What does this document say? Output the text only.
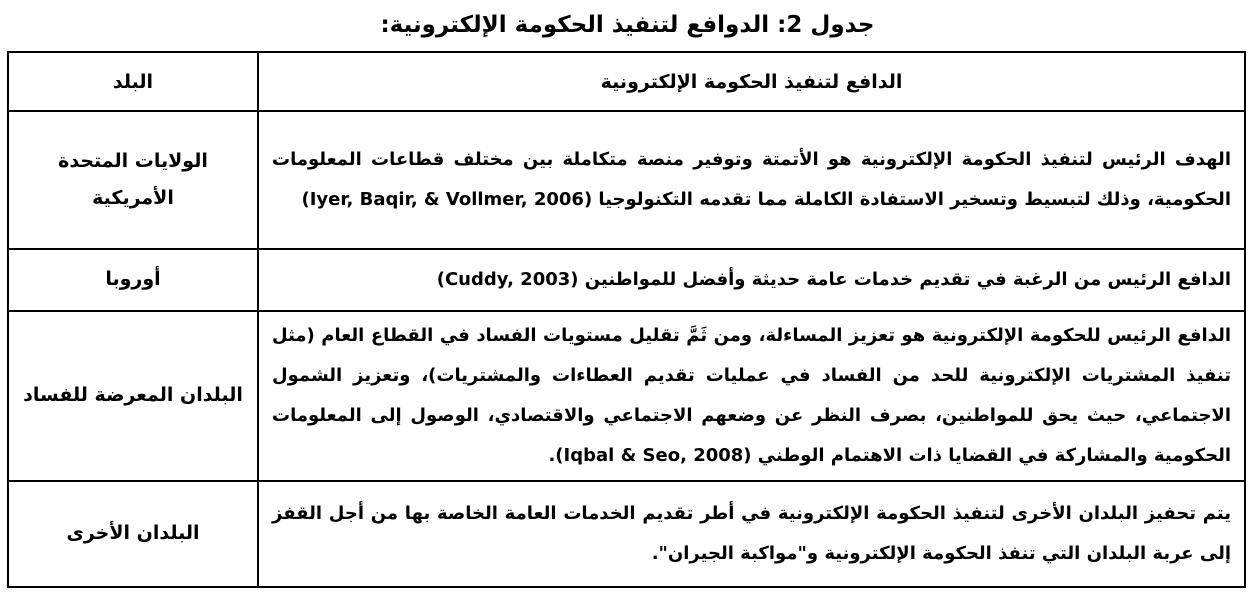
جدول 2: الدوافع لتنفيذ الحكومة الإلكترونية:
الدافع لتنفيذ الحكومة الإلكترونية	البلد
الهدف الرئيس لتنفيذ الحكومة الإلكترونية هو الأتمتة وتوفير منصة متكاملة بين مختلف قطاعات المعلومات الحكومية، وذلك لتبسيط وتسخير الاستفادة الكاملة مما تقدمه التكنولوجيا (Iyer, Baqir, & Vollmer, 2006)	الولايات المتحدة الأمريكية
الدافع الرئيس من الرغبة في تقديم خدمات عامة حديثة وأفضل للمواطنين (Cuddy, 2003)	أوروبا
الدافع الرئيس للحكومة الإلكترونية هو تعزيز المساءلة، ومن ثَمَّ تقليل مستويات الفساد في القطاع العام (مثل تنفيذ المشتريات الإلكترونية للحد من الفساد في عمليات تقديم العطاءات والمشتريات)، وتعزيز الشمول الاجتماعي، حيث يحق للمواطنين، بصرف النظر عن وضعهم الاجتماعي والاقتصادي، الوصول إلى المعلومات الحكومية والمشاركة في القضايا ذات الاهتمام الوطني (Iqbal & Seo, 2008).	البلدان المعرضة للفساد
يتم تحفيز البلدان الأخرى لتنفيذ الحكومة الإلكترونية في أطر تقديم الخدمات العامة الخاصة بها من أجل القفز إلى عربة البلدان التي تنفذ الحكومة الإلكترونية و"مواكبة الجيران".	البلدان الأخرى
